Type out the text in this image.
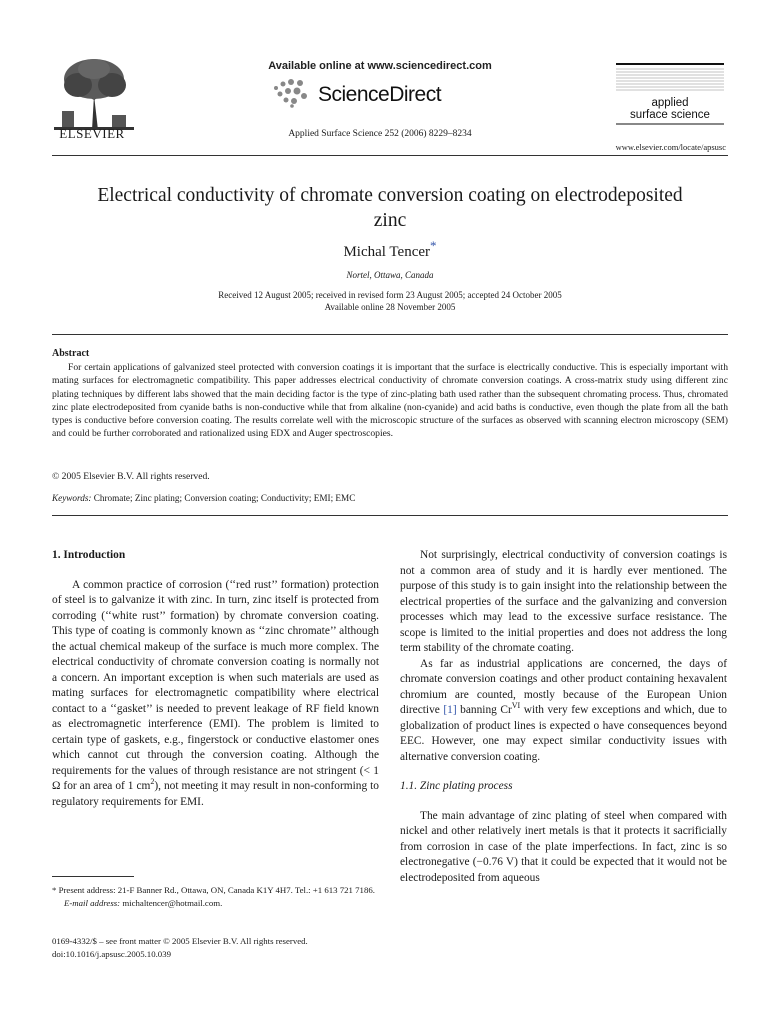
ELSEVIER
Available online at www.sciencedirect.com
ScienceDirect
Applied Surface Science 252 (2006) 8229–8234
applied
surface science
www.elsevier.com/locate/apsusc
Electrical conductivity of chromate conversion coating on electrodeposited zinc
Michal Tencer*
Nortel, Ottawa, Canada
Received 12 August 2005; received in revised form 23 August 2005; accepted 24 October 2005
Available online 28 November 2005
Abstract
For certain applications of galvanized steel protected with conversion coatings it is important that the surface is electrically conductive. This is especially important with mating surfaces for electromagnetic compatibility. This paper addresses electrical conductivity of chromate conversion coatings. A cross-matrix study using different zinc plating techniques by different labs showed that the main deciding factor is the type of zinc-plating bath used rather than the subsequent chromating process. Thus, chromated zinc plate electrodeposited from cyanide baths is non-conductive while that from alkaline (non-cyanide) and acid baths is conductive, even though the plate from all the bath types is conductive before conversion coating. The results correlate well with the microscopic structure of the surfaces as observed with scanning electron microscopy (SEM) and could be further corroborated and rationalized using EDX and Auger spectroscopies.
© 2005 Elsevier B.V. All rights reserved.
Keywords: Chromate; Zinc plating; Conversion coating; Conductivity; EMI; EMC
1. Introduction

A common practice of corrosion (‘‘red rust’’ formation) protection of steel is to galvanize it with zinc. In turn, zinc itself is protected from corroding (‘‘white rust’’ formation) by chromate conversion coating. This type of coating is commonly known as ‘‘zinc chromate’’ although the actual chemical makeup of the surface is much more complex. The electrical conductivity of chromate conversion coating is normally not a concern. An important exception is when such materials are used as mating surfaces for electromagnetic compatibility where electrical contact to a ‘‘gasket’’ is needed to prevent leakage of RF field known as electromagnetic interference (EMI). The problem is limited to certain type of gaskets, e.g., fingerstock or conductive elastomer ones which cannot cut through the conversion coating. Although the requirements for the values of through resistance are not stringent (< 1 Ω for an area of 1 $cm^2$), not meeting it may result in non-conforming to regulatory requirements for EMI.

* Present address: 21-F Banner Rd., Ottawa, ON, Canada K1Y 4H7. Tel.: +1 613 721 7186.
E-mail address: michaltencer@hotmail.com.
0169-4332/$ – see front matter © 2005 Elsevier B.V. All rights reserved.
doi:10.1016/j.apsusc.2005.10.039

Not surprisingly, electrical conductivity of conversion coatings is not a common area of study and it is hardly ever mentioned. The purpose of this study is to gain insight into the relationship between the electrical properties of the surface and the galvanizing and conversion processes which may lead to the excessive surface resistance. The scope is limited to the initial properties and does not address the long term stability of the chromate coating.

As far as industrial applications are concerned, the days of chromate conversion coatings and other product containing hexavalent chromium are counted, mostly because of the European Union directive [1] banning $Cr^{VI}$ with very few exceptions and which, due to globalization of product lines is expected o have consequences beyond EEC. However, one may expect similar conductivity issues with alternative conversion coating.

1.1. Zinc plating process

The main advantage of zinc plating of steel when compared with nickel and other relatively inert metals is that it protects it sacrificially from corrosion in case of the plate imperfections. In fact, zinc is so electronegative (−0.76 V) that it could be expected that it would not be electrodeposited from aqueous
